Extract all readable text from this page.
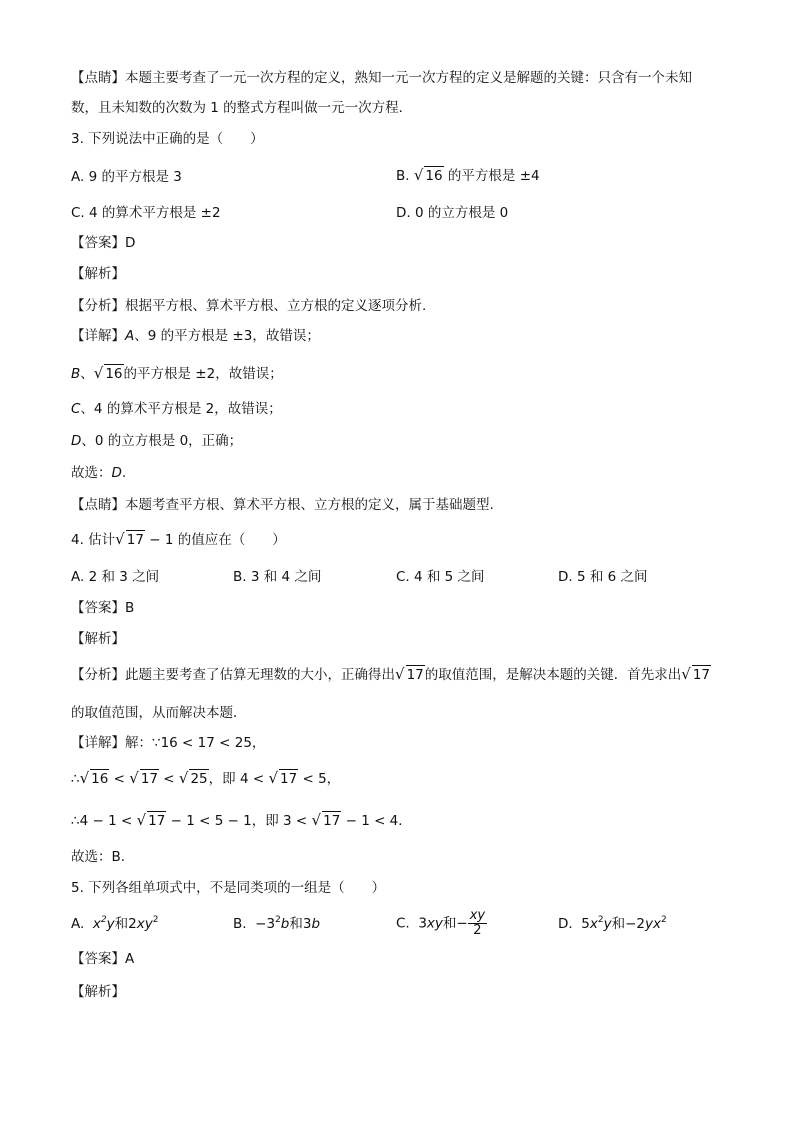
【点睛】本题主要考查了一元一次方程的定义，熟知一元一次方程的定义是解题的关键：只含有一个未知
数，且未知数的次数为 1 的整式方程叫做一元一次方程．
3. 下列说法中正确的是（　　）
A. 9 的平方根是 3	B. √ 16 的平方根是 ±4
C. 4 的算术平方根是 ±2	D. 0 的立方根是 0
【答案】D
【解析】
【分析】根据平方根、算术平方根、立方根的定义逐项分析.
【详解】A、9 的平方根是 ±3，故错误；
B、√ 16的平方根是 ±2，故错误；
C、4 的算术平方根是 2，故错误；
D、0 的立方根是 0，正确；
故选：D.
【点睛】本题考查平方根、算术平方根、立方根的定义，属于基础题型.
4. 估计√ 17 − 1 的值应在（　　）
A. 2 和 3 之间	B. 3 和 4 之间	C. 4 和 5 之间	D. 5 和 6 之间
【答案】B
【解析】
【分析】此题主要考查了估算无理数的大小，正确得出√ 17的取值范围，是解决本题的关键．首先求出√ 17
的取值范围，从而解决本题．
【详解】解：∵16 < 17 < 25，
∴√ 16 < √ 17 < √ 25，即 4 < √ 17 < 5，
∴4 − 1 < √ 17 − 1 < 5 − 1，即 3 < √ 17 − 1 < 4．
故选：B．
5. 下列各组单项式中，不是同类项的一组是（　　）
A. $x^2y$和$2xy^2$	B. $-3^2b$和3b	C. 3xy和− $\frac{xy}{2}$	D. $5x^2y$和$-2yx^2$
【答案】A
【解析】
